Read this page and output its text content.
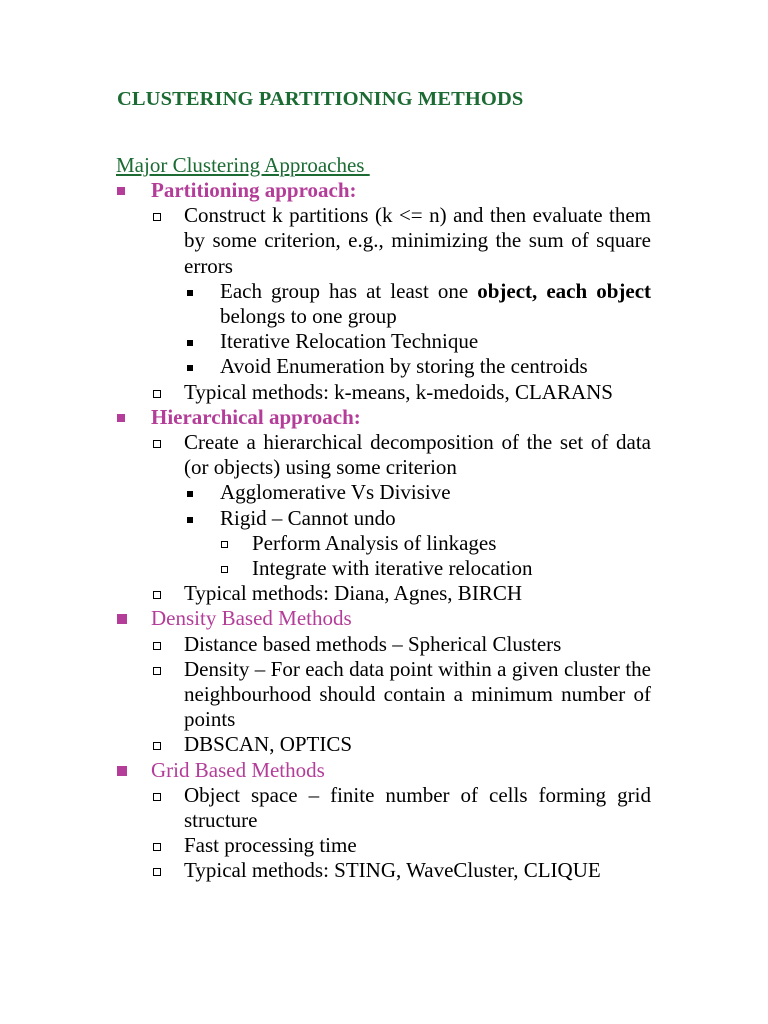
CLUSTERING PARTITIONING METHODS
Major Clustering Approaches
Partitioning approach:
Construct k partitions (k <= n) and then evaluate them by some criterion, e.g., minimizing the sum of square errors
Each group has at least one object, each object belongs to one group
Iterative Relocation Technique
Avoid Enumeration by storing the centroids
Typical methods: k-means, k-medoids, CLARANS
Hierarchical approach:
Create a hierarchical decomposition of the set of data (or objects) using some criterion
Agglomerative Vs Divisive
Rigid – Cannot undo
Perform Analysis of linkages
Integrate with iterative relocation
Typical methods: Diana, Agnes, BIRCH
Density Based Methods
Distance based methods – Spherical Clusters
Density – For each data point within a given cluster the neighbourhood should contain a minimum number of points
DBSCAN, OPTICS
Grid Based Methods
Object space – finite number of cells forming grid structure
Fast processing time
Typical methods: STING, WaveCluster, CLIQUE
